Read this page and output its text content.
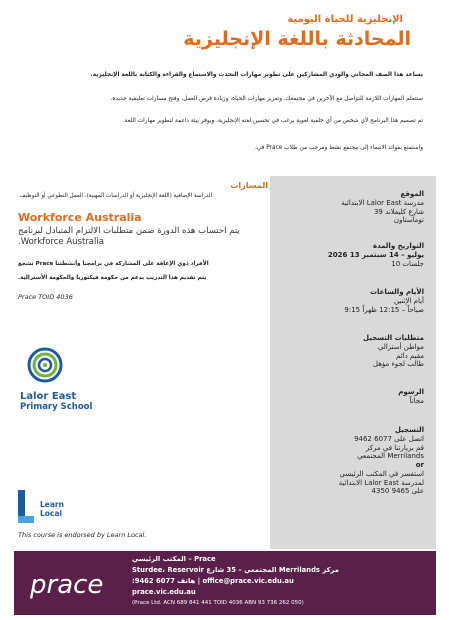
الإنجليزية للحياة اليومية
المحادثة باللغة الإنجليزية
يساعد هذا الصف المجاني والودي المشاركين على تطوير مهارات التحدث والاستماع والقراءة والكتابة باللغة الإنجليزية.
ستتعلم المهارات اللازمة للتواصل مع الآخرين في مجتمعك، وتعزيز مهارات الحياة، وزيادة فرص العمل، وفتح مسارات تعليمية جديدة.
تم تصميم هذا البرنامج لأي شخص من أي خلفية لغوية يرغب في تحسين لغته الإنجليزية، ويوفر بيئة داعمة لتطوير مهارات اللغة.
واستمتع بفوائد الانتماء إلى مجتمع نشط ومرحب من طلاب Prace في.
المسارات
الدراسة الإضافية (اللغة الإنجليزية أو الدراسات المهنية)، العمل التطوعي أو التوظيف.
Workforce Australia
يتم احتساب هذه الدورة ضمن متطلبات الالتزام المتبادل لبرنامج Workforce Australia.
الأفراد ذوي الإعاقة على المشاركة في برامجنا وأنشطتنا Prace تشجع
يتم تقديم هذا التدريب بدعم من حكومة فيكتوريا والحكومة الأسترالية.
Prace TOID 4036
Lalor East
Primary School
Learn
Local
This course is endorsed by Learn Local.
الموقع
مدرسة Lalor East الابتدائية
شارع كليفلاند 39
توماستاون
التواريخ والمدة
يوليو – 14 سبتمبر 13 2026
جلسات 10
الأيام والساعات
أيام الإثنين
صباحاً – 12:15 ظهراً 9:15
متطلبات التسجيل
مواطن أسترالي
مقيم دائم
طالب لجوء مؤهل
الرسوم
مجاناً
التسجيل
اتصل على 6077 9462
قم بزيارتنا في مركز
Merrilands المجتمعي
or
استفسر في المكتب الرئيسي
لمدرسة Lalor East الابتدائية
على 9465 4350
prace
Prace – المكتب الرئيسي
مركز Merrilands المجتمعي – 35 شارع Sturdee، Reservoir
office@prace.vic.edu.au | هاتف 6077 9462:
prace.vic.edu.au
(Prace Ltd. ACN 689 841 441 TOID 4036 ABN 93 736 262 050)
